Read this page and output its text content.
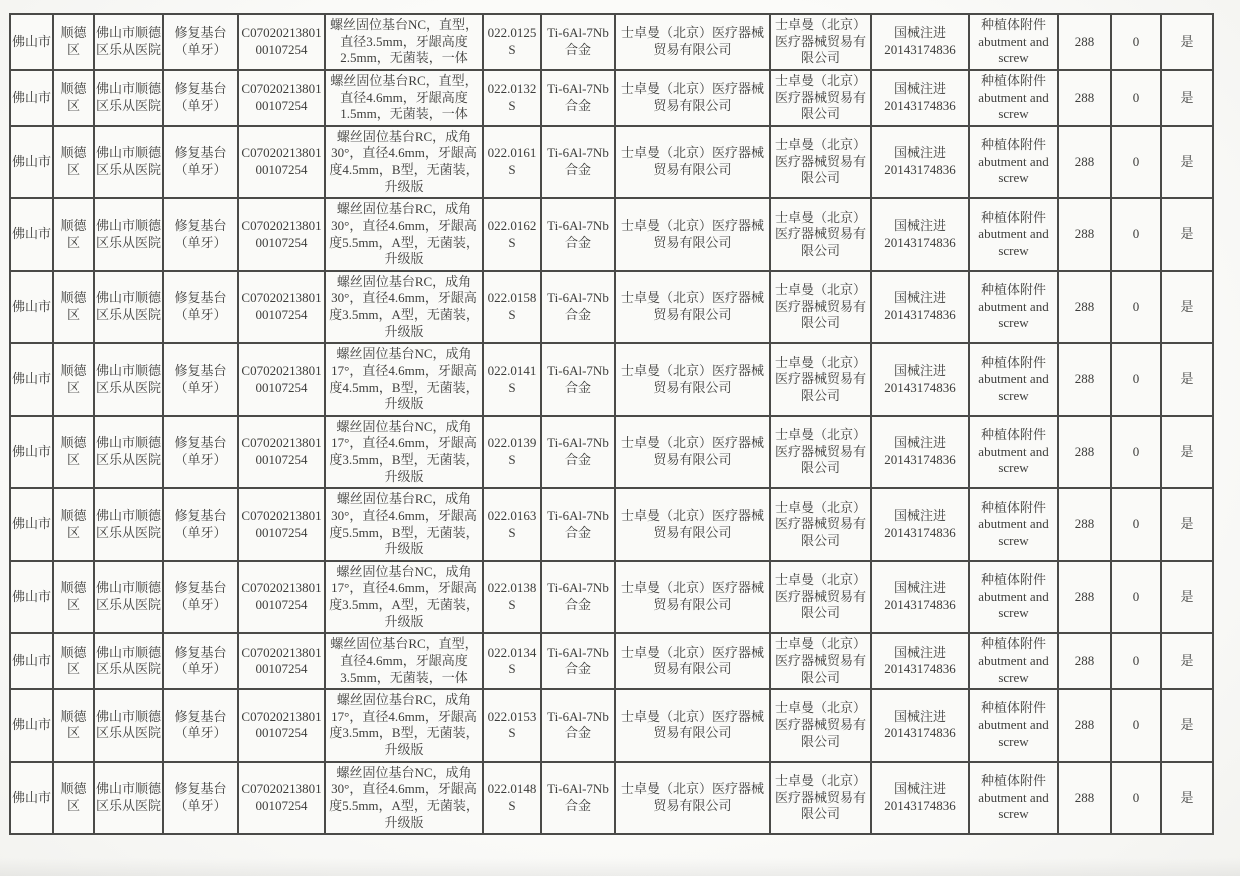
佛山市	顺德区	佛山市顺德区乐从医院	修复基台（单牙）	C0702021380100107254	螺丝固位基台NC，直型，直径3.5mm，牙龈高度2.5mm，无菌装，一体	022.0125S	Ti-6Al-7Nb合金	士卓曼（北京）医疗器械贸易有限公司	士卓曼（北京）医疗器械贸易有限公司	国械注进 20143174836	种植体附件 abutment and screw	288	0	是
佛山市	顺德区	佛山市顺德区乐从医院	修复基台（单牙）	C0702021380100107254	螺丝固位基台RC，直型，直径4.6mm，牙龈高度1.5mm，无菌装，一体	022.0132S	Ti-6Al-7Nb合金	士卓曼（北京）医疗器械贸易有限公司	士卓曼（北京）医疗器械贸易有限公司	国械注进 20143174836	种植体附件 abutment and screw	288	0	是
佛山市	顺德区	佛山市顺德区乐从医院	修复基台（单牙）	C0702021380100107254	螺丝固位基台RC，成角30°，直径4.6mm，牙龈高度4.5mm，B型，无菌装，升级版	022.0161S	Ti-6Al-7Nb合金	士卓曼（北京）医疗器械贸易有限公司	士卓曼（北京）医疗器械贸易有限公司	国械注进 20143174836	种植体附件 abutment and screw	288	0	是
佛山市	顺德区	佛山市顺德区乐从医院	修复基台（单牙）	C0702021380100107254	螺丝固位基台RC，成角30°，直径4.6mm，牙龈高度5.5mm，A型，无菌装，升级版	022.0162S	Ti-6Al-7Nb合金	士卓曼（北京）医疗器械贸易有限公司	士卓曼（北京）医疗器械贸易有限公司	国械注进 20143174836	种植体附件 abutment and screw	288	0	是
佛山市	顺德区	佛山市顺德区乐从医院	修复基台（单牙）	C0702021380100107254	螺丝固位基台RC，成角30°，直径4.6mm，牙龈高度3.5mm，A型，无菌装，升级版	022.0158S	Ti-6Al-7Nb合金	士卓曼（北京）医疗器械贸易有限公司	士卓曼（北京）医疗器械贸易有限公司	国械注进 20143174836	种植体附件 abutment and screw	288	0	是
佛山市	顺德区	佛山市顺德区乐从医院	修复基台（单牙）	C0702021380100107254	螺丝固位基台NC，成角17°，直径4.6mm，牙龈高度4.5mm，B型，无菌装，升级版	022.0141S	Ti-6Al-7Nb合金	士卓曼（北京）医疗器械贸易有限公司	士卓曼（北京）医疗器械贸易有限公司	国械注进 20143174836	种植体附件 abutment and screw	288	0	是
佛山市	顺德区	佛山市顺德区乐从医院	修复基台（单牙）	C0702021380100107254	螺丝固位基台NC，成角17°，直径4.6mm，牙龈高度3.5mm，B型，无菌装，升级版	022.0139S	Ti-6Al-7Nb合金	士卓曼（北京）医疗器械贸易有限公司	士卓曼（北京）医疗器械贸易有限公司	国械注进 20143174836	种植体附件 abutment and screw	288	0	是
佛山市	顺德区	佛山市顺德区乐从医院	修复基台（单牙）	C0702021380100107254	螺丝固位基台RC，成角30°，直径4.6mm，牙龈高度5.5mm，B型，无菌装，升级版	022.0163S	Ti-6Al-7Nb合金	士卓曼（北京）医疗器械贸易有限公司	士卓曼（北京）医疗器械贸易有限公司	国械注进 20143174836	种植体附件 abutment and screw	288	0	是
佛山市	顺德区	佛山市顺德区乐从医院	修复基台（单牙）	C0702021380100107254	螺丝固位基台NC，成角17°，直径4.6mm，牙龈高度3.5mm，A型，无菌装，升级版	022.0138S	Ti-6Al-7Nb合金	士卓曼（北京）医疗器械贸易有限公司	士卓曼（北京）医疗器械贸易有限公司	国械注进 20143174836	种植体附件 abutment and screw	288	0	是
佛山市	顺德区	佛山市顺德区乐从医院	修复基台（单牙）	C0702021380100107254	螺丝固位基台RC，直型，直径4.6mm，牙龈高度3.5mm，无菌装，一体	022.0134S	Ti-6Al-7Nb合金	士卓曼（北京）医疗器械贸易有限公司	士卓曼（北京）医疗器械贸易有限公司	国械注进 20143174836	种植体附件 abutment and screw	288	0	是
佛山市	顺德区	佛山市顺德区乐从医院	修复基台（单牙）	C0702021380100107254	螺丝固位基台RC，成角17°，直径4.6mm，牙龈高度3.5mm，B型，无菌装，升级版	022.0153S	Ti-6Al-7Nb合金	士卓曼（北京）医疗器械贸易有限公司	士卓曼（北京）医疗器械贸易有限公司	国械注进 20143174836	种植体附件 abutment and screw	288	0	是
佛山市	顺德区	佛山市顺德区乐从医院	修复基台（单牙）	C0702021380100107254	螺丝固位基台NC，成角30°，直径4.6mm，牙龈高度5.5mm，A型，无菌装，升级版	022.0148S	Ti-6Al-7Nb合金	士卓曼（北京）医疗器械贸易有限公司	士卓曼（北京）医疗器械贸易有限公司	国械注进 20143174836	种植体附件 abutment and screw	288	0	是
